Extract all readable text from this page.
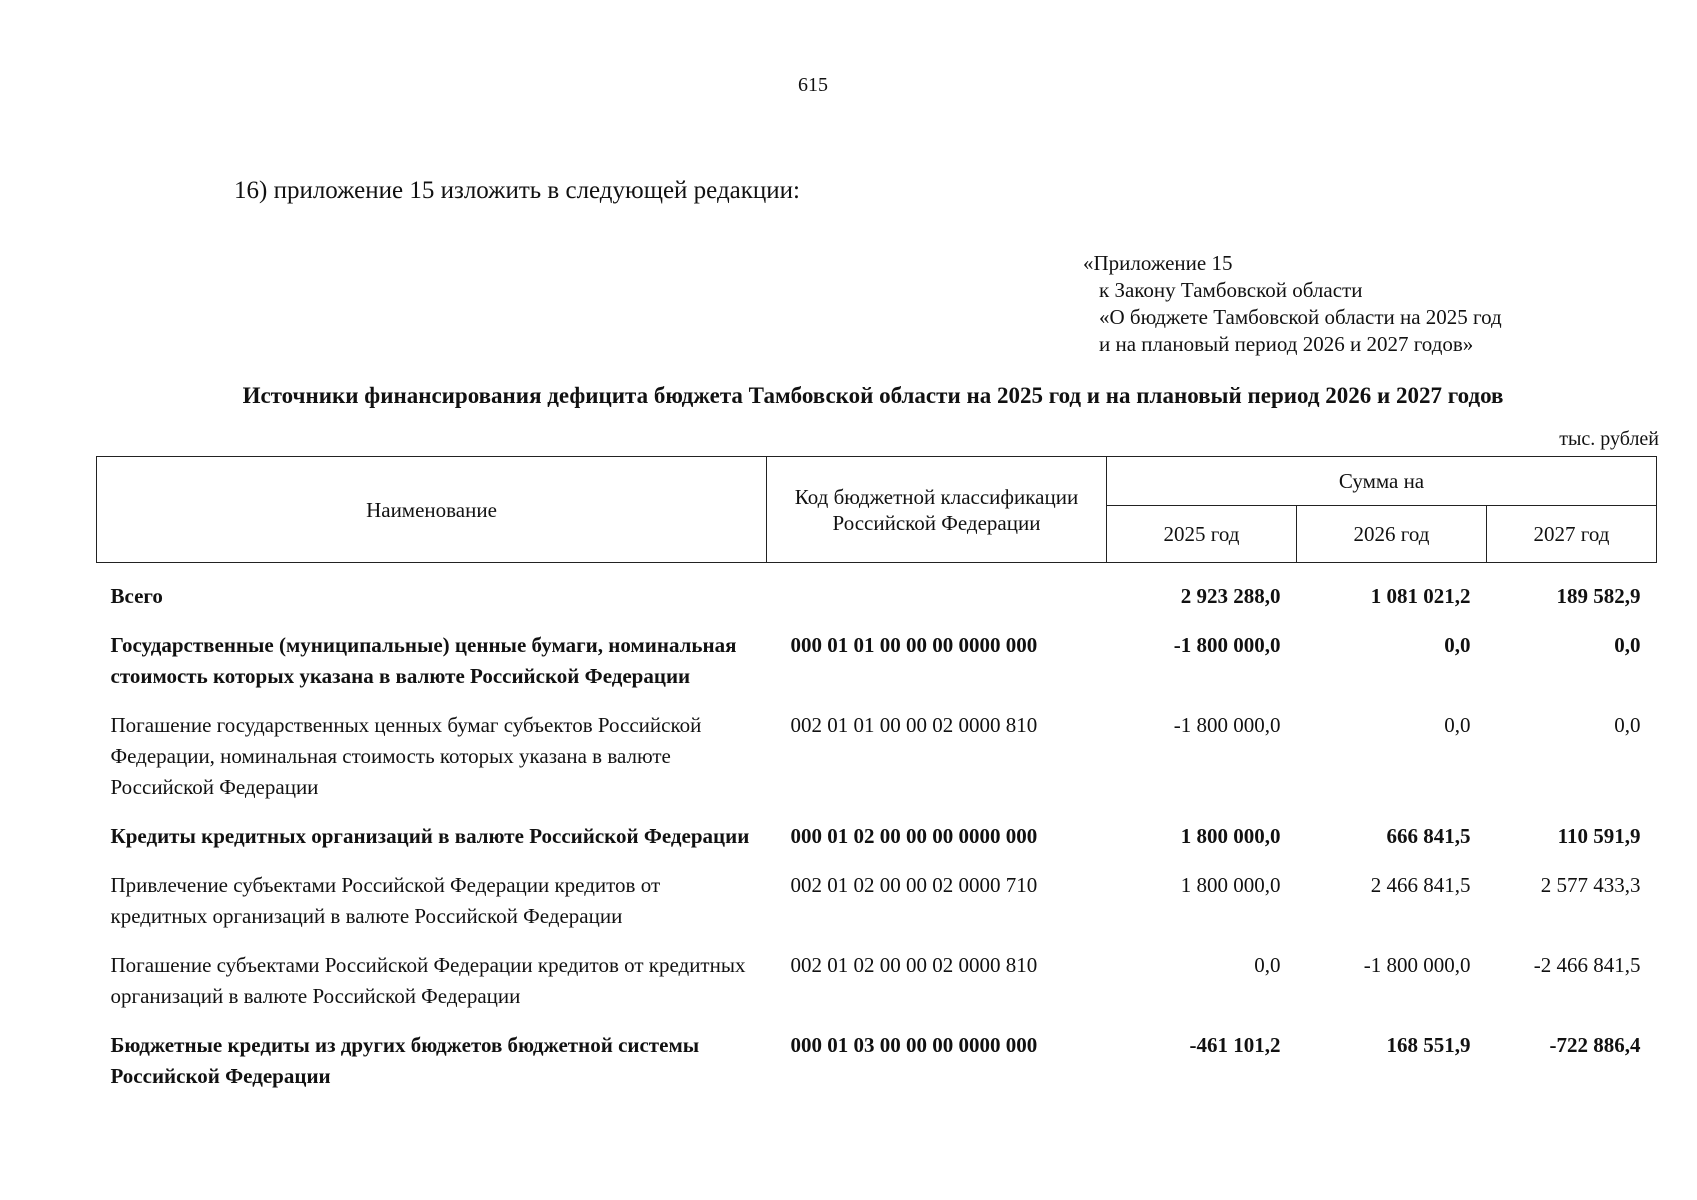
615
16) приложение 15 изложить в следующей редакции:
«Приложение 15
к Закону Тамбовской области
«О бюджете Тамбовской области на 2025 год
и на плановый период 2026 и 2027 годов»
Источники финансирования дефицита бюджета Тамбовской области на 2025 год и на плановый период 2026 и 2027 годов
тыс. рублей
Наименование	Код бюджетной классификации Российской Федерации	Сумма на		
		2025 год	2026 год	2027 год

Всего		2 923 288,0	1 081 021,2	189 582,9
Государственные (муниципальные) ценные бумаги, номинальная стоимость которых указана в валюте Российской Федерации	000 01 01 00 00 00 0000 000	-1 800 000,0	0,0	0,0
Погашение государственных ценных бумаг субъектов Российской Федерации, номинальная стоимость которых указана в валюте Российской Федерации	002 01 01 00 00 02 0000 810	-1 800 000,0	0,0	0,0
Кредиты кредитных организаций в валюте Российской Федерации	000 01 02 00 00 00 0000 000	1 800 000,0	666 841,5	110 591,9
Привлечение субъектами Российской Федерации кредитов от кредитных организаций в валюте Российской Федерации	002 01 02 00 00 02 0000 710	1 800 000,0	2 466 841,5	2 577 433,3
Погашение субъектами Российской Федерации кредитов от кредитных организаций в валюте Российской Федерации	002 01 02 00 00 02 0000 810	0,0	-1 800 000,0	-2 466 841,5
Бюджетные кредиты из других бюджетов бюджетной системы Российской Федерации	000 01 03 00 00 00 0000 000	-461 101,2	168 551,9	-722 886,4
